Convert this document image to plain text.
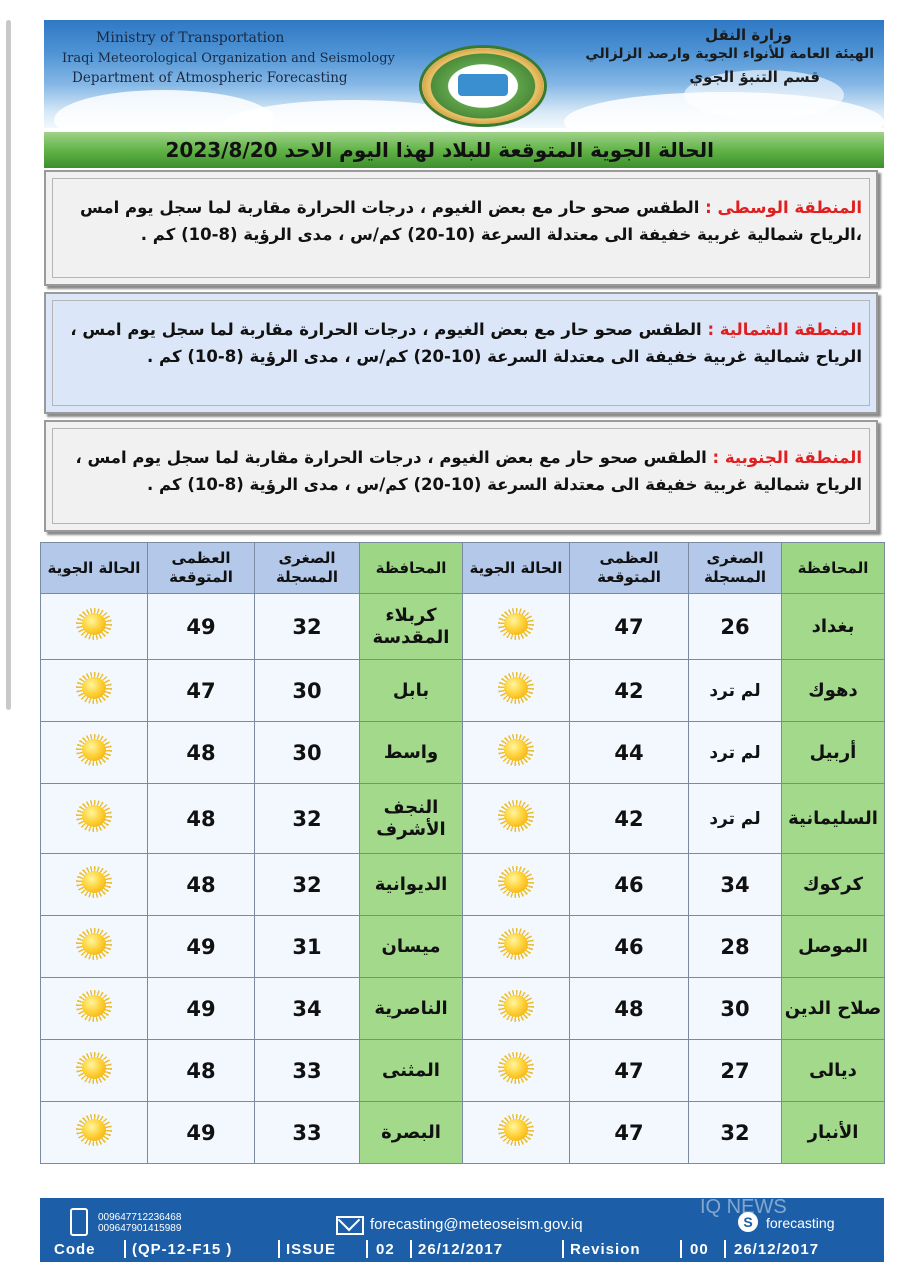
Ministry of Transportation
Iraqi Meteorological Organization and Seismology
Department of Atmospheric Forecasting
وزارة النقل
الهيئة العامة للأنواء الجوية وارصد الزلزالي
قسم التنبؤ الجوي
الحالة الجوية المتوقعة للبلاد لهذا اليوم الاحد 2023/8/20

المنطقة الوسطى : الطقس صحو حار مع بعض الغيوم ، درجات الحرارة مقاربة لما سجل يوم امس ،الرياح شمالية غربية خفيفة الى معتدلة السرعة (10-20) كم/س ، مدى الرؤية (8-10) كم .

المنطقة الشمالية : الطقس صحو حار مع بعض الغيوم ، درجات الحرارة مقاربة لما سجل يوم امس ، الرياح شمالية غربية خفيفة الى معتدلة السرعة (10-20) كم/س ، مدى الرؤية (8-10) كم .

المنطقة الجنوبية : الطقس صحو حار مع بعض الغيوم ، درجات الحرارة مقاربة لما سجل يوم امس ، الرياح شمالية غربية خفيفة الى معتدلة السرعة (10-20) كم/س ، مدى الرؤية (8-10) كم .

الحالة الجوية	العظمى المتوقعة	الصغرى المسجلة	المحافظة	الحالة الجوية	العظمى المتوقعة	الصغرى المسجلة	المحافظة
	49	32	كربلاء المقدسة		47	26	بغداد
	47	30	بابل		42	لم ترد	دهوك
	48	30	واسط		44	لم ترد	أربيل
	48	32	النجف الأشرف		42	لم ترد	السليمانية
	48	32	الديوانية		46	34	كركوك
	49	31	ميسان		46	28	الموصل
	49	34	الناصرية		48	30	صلاح الدين
	48	33	المثنى		47	27	ديالى
	49	33	البصرة		47	32	الأنبار
009647712236468
009647901415989	forecasting@meteoseism.gov.iq	S forecasting
Code (QP-12-F15 )	ISSUE	02 26/12/2017	Revision	00 26/12/2017
IQ NEWS
